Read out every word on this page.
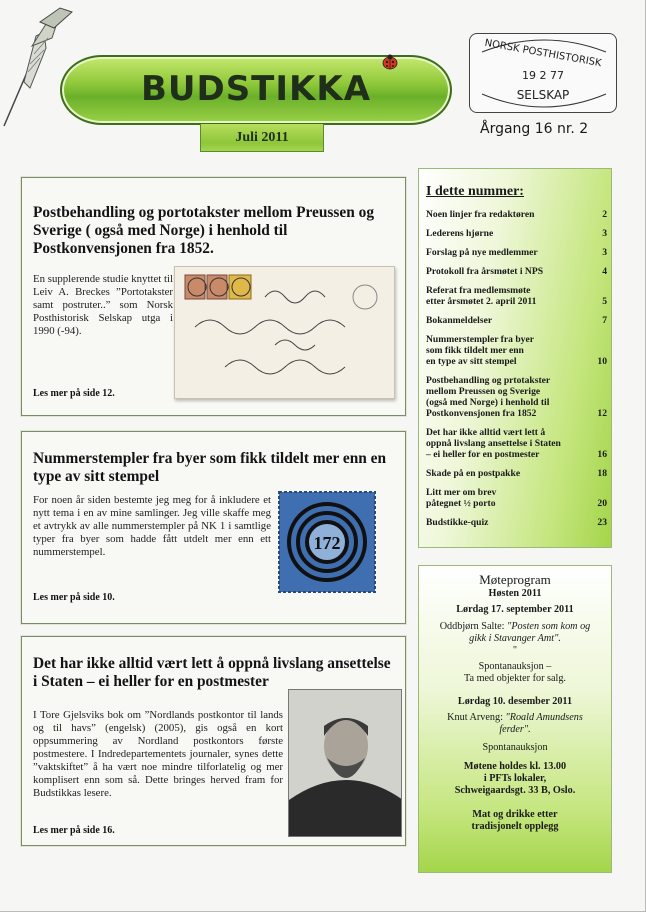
BUDSTIKKA
Juli 2011
NORSK POSTHISTORISK
19 2 77
SELSKAP
Årgang 16 nr. 2
Postbehandling og portotakster mellom Preussen og Sverige ( også med Norge) i henhold til Postkonvensjonen fra 1852.

En supplerende studie knyttet til Leiv A. Breckes ”Portotakster samt postruter..” som Norsk Posthistorisk Selskap utga i 1990 (-94).

Les mer på side 12.
Nummerstempler fra byer som fikk tildelt mer enn en type av sitt stempel

For noen år siden bestemte jeg meg for å inkludere et nytt tema i en av mine samlinger. Jeg ville skaffe meg et avtrykk av alle nummerstempler på NK 1 i samtlige typer fra byer som hadde fått utdelt mer enn ett nummerstempel.	172
Les mer på side 10.
Det har ikke alltid vært lett å oppnå livslang ansettelse i Staten – ei heller for en postmester

I Tore Gjelsviks bok om ”Nordlands postkontor til lands og til havs” (engelsk) (2005), gis også en kort oppsummering av Nordland postkontors første postmestere. I Indredepartementets journaler, synes dette ”vaktskiftet” å ha vært noe mindre tilforlatelig og mer komplisert enn som så. Dette bringes herved fram for Budstikkas lesere.

Les mer på side 16.
I dette nummer:
Noen linjer fra redaktøren	2
Lederens hjørne	3
Forslag på nye medlemmer	3
Protokoll fra årsmøtet i NPS	4
Referat fra medlemsmøte
etter årsmøtet 2. april 2011	5
Bokanmeldelser	7
Nummerstempler fra byer
som fikk tildelt mer enn
en type av sitt stempel	10
Postbehandling og prtotakster
mellom Preussen og Sverige
(også med Norge) i henhold til
Postkonvensjonen fra 1852	12
Det har ikke alltid vært lett å
oppnå livslang ansettelse i Staten
– ei heller for en postmester	16
Skade på en postpakke	18
Litt mer om brev
påtegnet ½ porto	20
Budstikke-quiz	23
Møteprogram
Høsten 2011
Lørdag 17. september 2011
Oddbjørn Salte: "Posten som kom og
gikk i Stavanger Amt".
"
Spontanauksjon –
Ta med objekter for salg.
Lørdag 10. desember 2011
Knut Arveng: "Roald Amundsens
ferder".
Spontanauksjon
Møtene holdes kl. 13.00
i PFTs lokaler,
Schweigaardsgt. 33 B, Oslo.
Mat og drikke etter
tradisjonelt opplegg
